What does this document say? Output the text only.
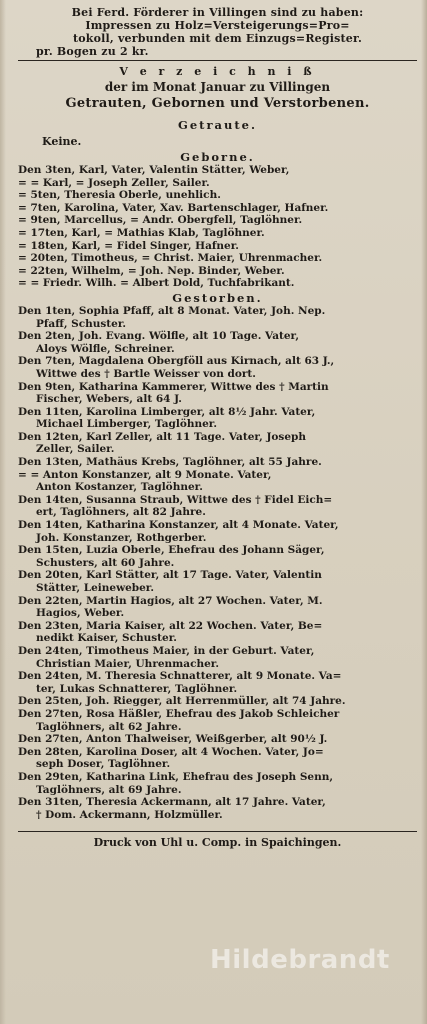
Bei Ferd. Förderer in Villingen sind zu haben:
Impressen zu Holz=Versteigerungs=Pro=
tokoll, verbunden mit dem Einzugs=Register.
pr. Bogen zu 2 kr.
V e r z e i c h n i ß
der im Monat Januar zu Villingen
Getrauten, Gebornen und Verstorbenen.
Getraute.
Keine.
Geborne.
Den 3ten, Karl, Vater, Valentin Stätter, Weber,
= = Karl, = Joseph Zeller, Sailer.
= 5ten, Theresia Oberle, unehlich.
= 7ten, Karolina, Vater, Xav. Bartenschlager, Hafner.
= 9ten, Marcellus, = Andr. Obergfell, Taglöhner.
= 17ten, Karl, = Mathias Klab, Taglöhner.
= 18ten, Karl, = Fidel Singer, Hafner.
= 20ten, Timotheus, = Christ. Maier, Uhrenmacher.
= 22ten, Wilhelm, = Joh. Nep. Binder, Weber.
= = Friedr. Wilh. = Albert Dold, Tuchfabrikant.
Gestorben.
Den 1ten, Sophia Pfaff, alt 8 Monat. Vater, Joh. Nep.
Pfaff, Schuster.
Den 2ten, Joh. Evang. Wölfle, alt 10 Tage. Vater,
Aloys Wölfle, Schreiner.
Den 7ten, Magdalena Obergföll aus Kirnach, alt 63 J.,
Wittwe des † Bartle Weisser von dort.
Den 9ten, Katharina Kammerer, Wittwe des † Martin
Fischer, Webers, alt 64 J.
Den 11ten, Karolina Limberger, alt 8½ Jahr. Vater,
Michael Limberger, Taglöhner.
Den 12ten, Karl Zeller, alt 11 Tage. Vater, Joseph
Zeller, Sailer.
Den 13ten, Mathäus Krebs, Taglöhner, alt 55 Jahre.
= = Anton Konstanzer, alt 9 Monate. Vater,
Anton Kostanzer, Taglöhner.
Den 14ten, Susanna Straub, Wittwe des † Fidel Eich=
ert, Taglöhners, alt 82 Jahre.
Den 14ten, Katharina Konstanzer, alt 4 Monate. Vater,
Joh. Konstanzer, Rothgerber.
Den 15ten, Luzia Oberle, Ehefrau des Johann Säger,
Schusters, alt 60 Jahre.
Den 20ten, Karl Stätter, alt 17 Tage. Vater, Valentin
Stätter, Leineweber.
Den 22ten, Martin Hagios, alt 27 Wochen. Vater, M.
Hagios, Weber.
Den 23ten, Maria Kaiser, alt 22 Wochen. Vater, Be=
nedikt Kaiser, Schuster.
Den 24ten, Timotheus Maier, in der Geburt. Vater,
Christian Maier, Uhrenmacher.
Den 24ten, M. Theresia Schnatterer, alt 9 Monate. Va=
ter, Lukas Schnatterer, Taglöhner.
Den 25ten, Joh. Riegger, alt Herrenmüller, alt 74 Jahre.
Den 27ten, Rosa Häßler, Ehefrau des Jakob Schleicher
Taglöhners, alt 62 Jahre.
Den 27ten, Anton Thalweiser, Weißgerber, alt 90½ J.
Den 28ten, Karolina Doser, alt 4 Wochen. Vater, Jo=
seph Doser, Taglöhner.
Den 29ten, Katharina Link, Ehefrau des Joseph Senn,
Taglöhners, alt 69 Jahre.
Den 31ten, Theresia Ackermann, alt 17 Jahre. Vater,
† Dom. Ackermann, Holzmüller.
Druck von Uhl u. Comp. in Spaichingen.
Hildebrandt
